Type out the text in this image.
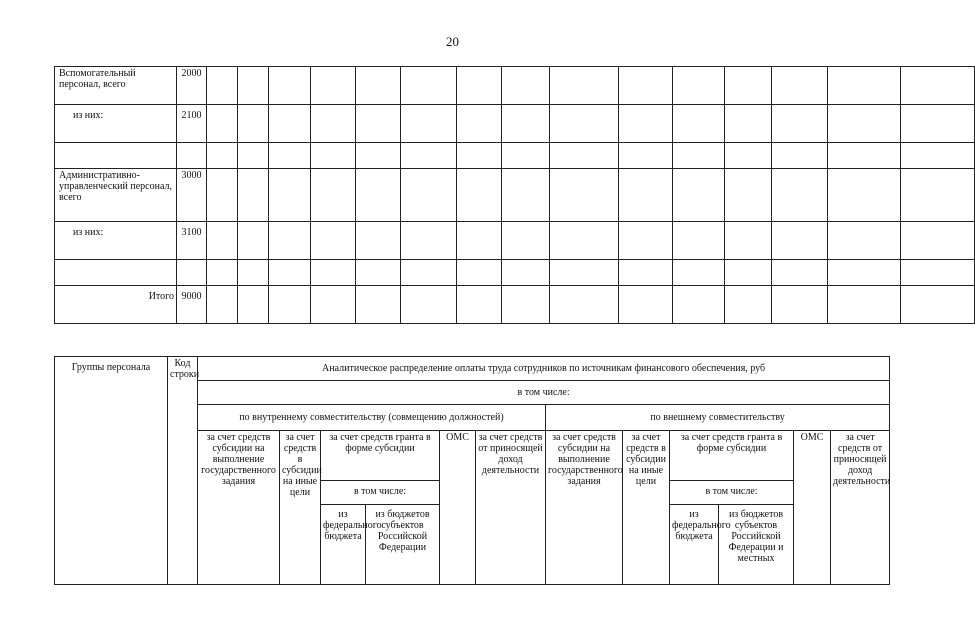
20
Вспомогательный персонал, всего	2000															
из них:	2100															

Административно-управленческий персонал, всего	3000															
из них:	3100															

Итого	9000															
Группы персонала	Код строки	Аналитическое распределение оплаты труда сотрудников по источникам финансового обеспечения, руб											
		в том числе:											
		по внутреннему совместительству (совмещению должностей)						по внешнему совместительству					
		за счет средств субсидии на выполнение государственного задания	за счет средств в субсидии на иные цели	за счет средств гранта в форме субсидии		ОМС	за счет средств от приносящей доход деятельности	за счет средств субсидии на выполнение государственного задания	за счет средств в субсидии на иные цели	за счет средств гранта в форме субсидии		ОМС	за счет средств от приносящей доход деятельности
				в том числе:						в том числе:			
				из федерального бюджета	из бюджетов субъектов Российской Федерации					из федерального бюджета	из бюджетов субъектов Российской Федерации и местных		
